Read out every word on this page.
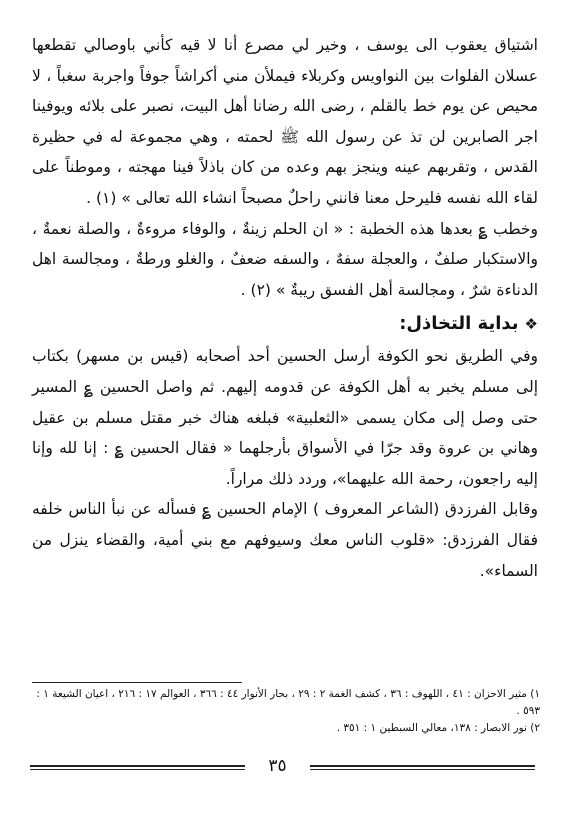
اشتياق يعقوب الى يوسف ، وخير لي مصرع أنا لا قيه كأني باوصالي تقطعها عسلان الفلوات بين النواويس وكربلاء فيملأن مني أكراشاً جوفاً واجربة سغباً ، لا محيص عن يوم خط بالقلم ، رضى الله رضانا أهل البيت، نصبر على بلائه ويوفينا اجر الصابرين لن تذ عن رسول الله ﷺ لحمته ، وهي مجموعة له في حظيرة القدس ، وتقربهم عينه وينجز بهم وعده من كان باذلاً فينا مهجته ، وموطناً على لقاء الله نفسه فليرحل معنا فانني راحلٌ مصبحاً انشاء الله تعالى » (١) .

وخطب ؏ بعدها هذه الخطبة : « ان الحلم زينةٌ ، والوفاء مروءةٌ ، والصلة نعمةٌ ، والاستكبار صلفٌ ، والعجلة سفهٌ ، والسفه ضعفٌ ، والغلو ورطةٌ ، ومجالسة اهل الدناءة شرٌ ، ومجالسة أهل الفسق ريبةٌ » (٢) .

❖بداية التخاذل:

وفي الطريق نحو الكوفة أرسل الحسين أحد أصحابه (قيس بن مسهر) بكتاب إلى مسلم يخبر به أهل الكوفة عن قدومه إليهم. ثم واصل الحسين ؏ المسير حتى وصل إلى مكان يسمى «الثعلبية» فبلغه هناك خبر مقتل مسلم بن عقيل وهاني بن عروة وقد جرّا في الأسواق بأرجلهما « فقال الحسين ؏ : إنا لله وإنا إليه راجعون، رحمة الله عليهما»، وردد ذلك مراراً.

وقابل الفرزدق (الشاعر المعروف ) الإمام الحسين ؏ فسأله عن نبأ الناس خلفه فقال الفرزدق: «قلوب الناس معك وسيوفهم مع بني أمية، والقضاء ينزل من السماء».

١) مثير الاحزان : ٤١ ، اللهوف : ٣٦ ، كشف الغمة ٢ : ٢٩ ، بحار الأنوار ٤٤ : ٣٦٦ ، العوالم ١٧ : ٢١٦ ، اعيان الشيعة ١ : ٥٩٣ .
٢) نور الابصار : ١٣٨، معالي السبطين ١ : ٣٥١ .
٣٥
